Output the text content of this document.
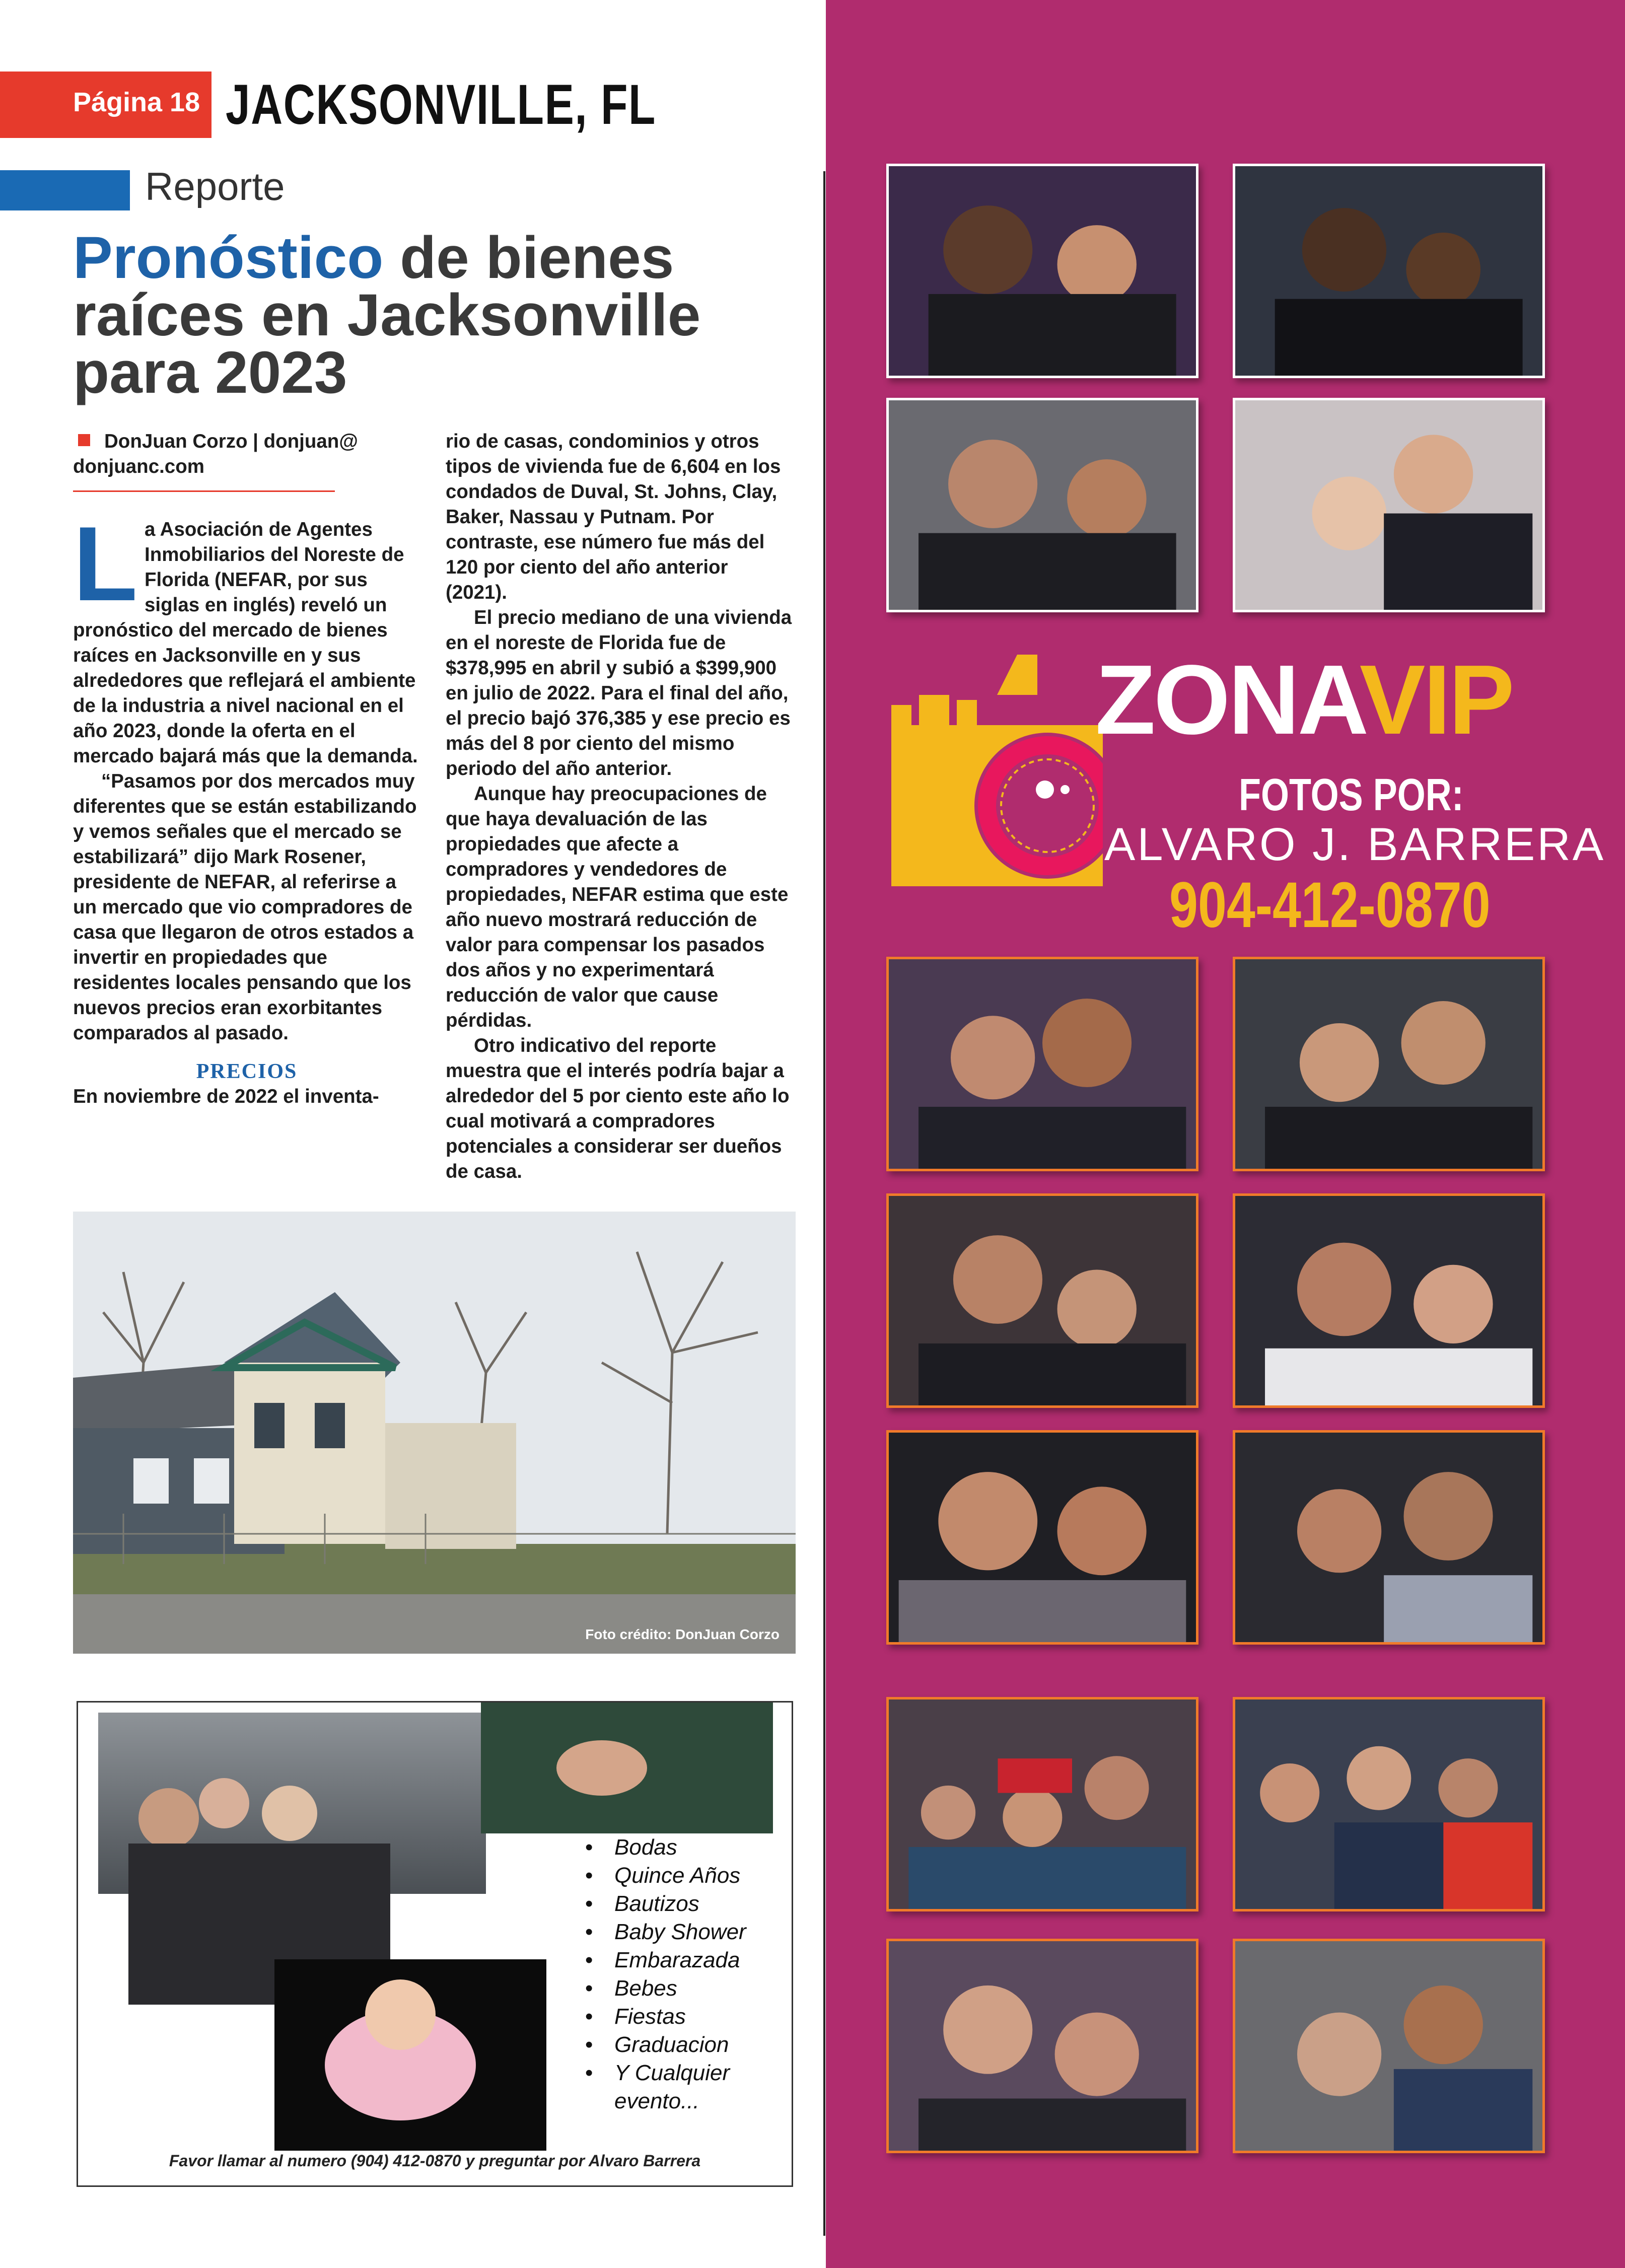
Página 18 JACKSONVILLE, FL
Reporte
Pronóstico de bienes raíces en Jacksonville para 2023

DonJuan Corzo | donjuan@ donjuanc.com

La Asociación de Agentes Inmobiliarios del Noreste de Florida (NEFAR, por sus siglas en inglés) reveló un pronóstico del mercado de bienes raíces en Jacksonville en y sus alrededores que reflejará el ambiente de la industria a nivel nacional en el año 2023, donde la oferta en el mercado bajará más que la demanda.

“Pasamos por dos mercados muy diferentes que se están estabilizando y vemos señales que el mercado se estabilizará” dijo Mark Rosener, presidente de NEFAR, al referirse a un mercado que vio compradores de casa que llegaron de otros estados a invertir en propiedades que residentes locales pensando que los nuevos precios eran exorbitantes comparados al pasado.

PRECIOS

En noviembre de 2022 el inventa-

rio de casas, condominios y otros tipos de vivienda fue de 6,604 en los condados de Duval, St. Johns, Clay, Baker, Nassau y Putnam. Por contraste, ese número fue más del 120 por ciento del año anterior (2021).

El precio mediano de una vivienda en el noreste de Florida fue de $378,995 en abril y subió a $399,900 en julio de 2022. Para el final del año, el precio bajó 376,385 y ese precio es más del 8 por ciento del mismo periodo del año anterior.

Aunque hay preocupaciones de que haya devaluación de las propiedades que afecte a compradores y vendedores de propiedades, NEFAR estima que este año nuevo mostrará reducción de valor para compensar los pasados dos años y no experimentará reducción de valor que cause pérdidas.

Otro indicativo del reporte muestra que el interés podría bajar a alrededor del 5 por ciento este año lo cual motivará a compradores potenciales a considerar ser dueños de casa.

Foto crédito: DonJuan Corzo
• Bodas
• Quince Años
• Bautizos
• Baby Shower
• Embarazada
• Bebes
• Fiestas
• Graduacion
• Y Cualquier evento...
Favor llamar al numero (904) 412-0870 y preguntar por Alvaro Barrera
ZONAVIP
FOTOS POR:
ALVARO J. BARRERA
904-412-0870
